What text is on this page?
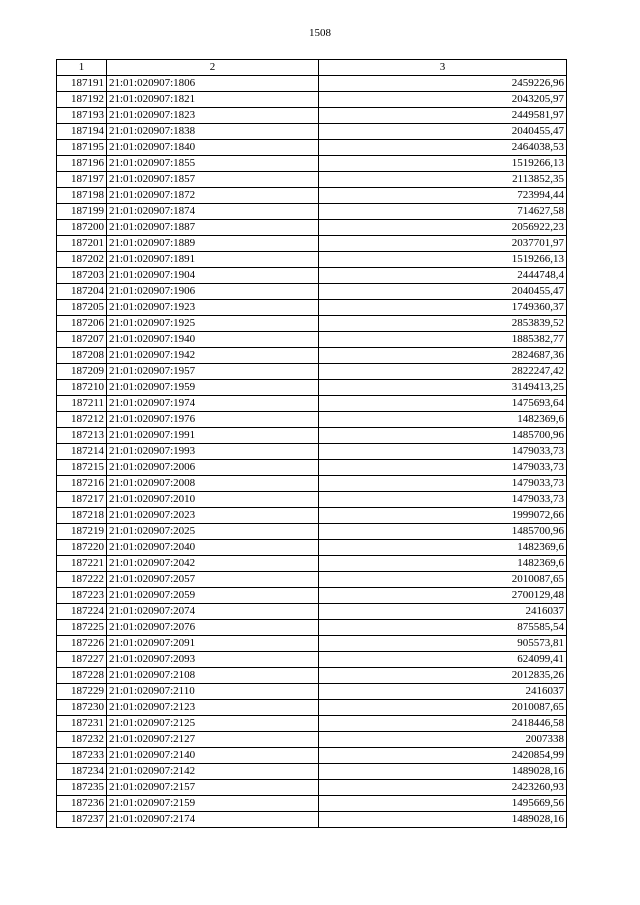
1508
1	2	3
187191	21:01:020907:1806	2459226,96
187192	21:01:020907:1821	2043205,97
187193	21:01:020907:1823	2449581,97
187194	21:01:020907:1838	2040455,47
187195	21:01:020907:1840	2464038,53
187196	21:01:020907:1855	1519266,13
187197	21:01:020907:1857	2113852,35
187198	21:01:020907:1872	723994,44
187199	21:01:020907:1874	714627,58
187200	21:01:020907:1887	2056922,23
187201	21:01:020907:1889	2037701,97
187202	21:01:020907:1891	1519266,13
187203	21:01:020907:1904	2444748,4
187204	21:01:020907:1906	2040455,47
187205	21:01:020907:1923	1749360,37
187206	21:01:020907:1925	2853839,52
187207	21:01:020907:1940	1885382,77
187208	21:01:020907:1942	2824687,36
187209	21:01:020907:1957	2822247,42
187210	21:01:020907:1959	3149413,25
187211	21:01:020907:1974	1475693,64
187212	21:01:020907:1976	1482369,6
187213	21:01:020907:1991	1485700,96
187214	21:01:020907:1993	1479033,73
187215	21:01:020907:2006	1479033,73
187216	21:01:020907:2008	1479033,73
187217	21:01:020907:2010	1479033,73
187218	21:01:020907:2023	1999072,66
187219	21:01:020907:2025	1485700,96
187220	21:01:020907:2040	1482369,6
187221	21:01:020907:2042	1482369,6
187222	21:01:020907:2057	2010087,65
187223	21:01:020907:2059	2700129,48
187224	21:01:020907:2074	2416037
187225	21:01:020907:2076	875585,54
187226	21:01:020907:2091	905573,81
187227	21:01:020907:2093	624099,41
187228	21:01:020907:2108	2012835,26
187229	21:01:020907:2110	2416037
187230	21:01:020907:2123	2010087,65
187231	21:01:020907:2125	2418446,58
187232	21:01:020907:2127	2007338
187233	21:01:020907:2140	2420854,99
187234	21:01:020907:2142	1489028,16
187235	21:01:020907:2157	2423260,93
187236	21:01:020907:2159	1495669,56
187237	21:01:020907:2174	1489028,16
